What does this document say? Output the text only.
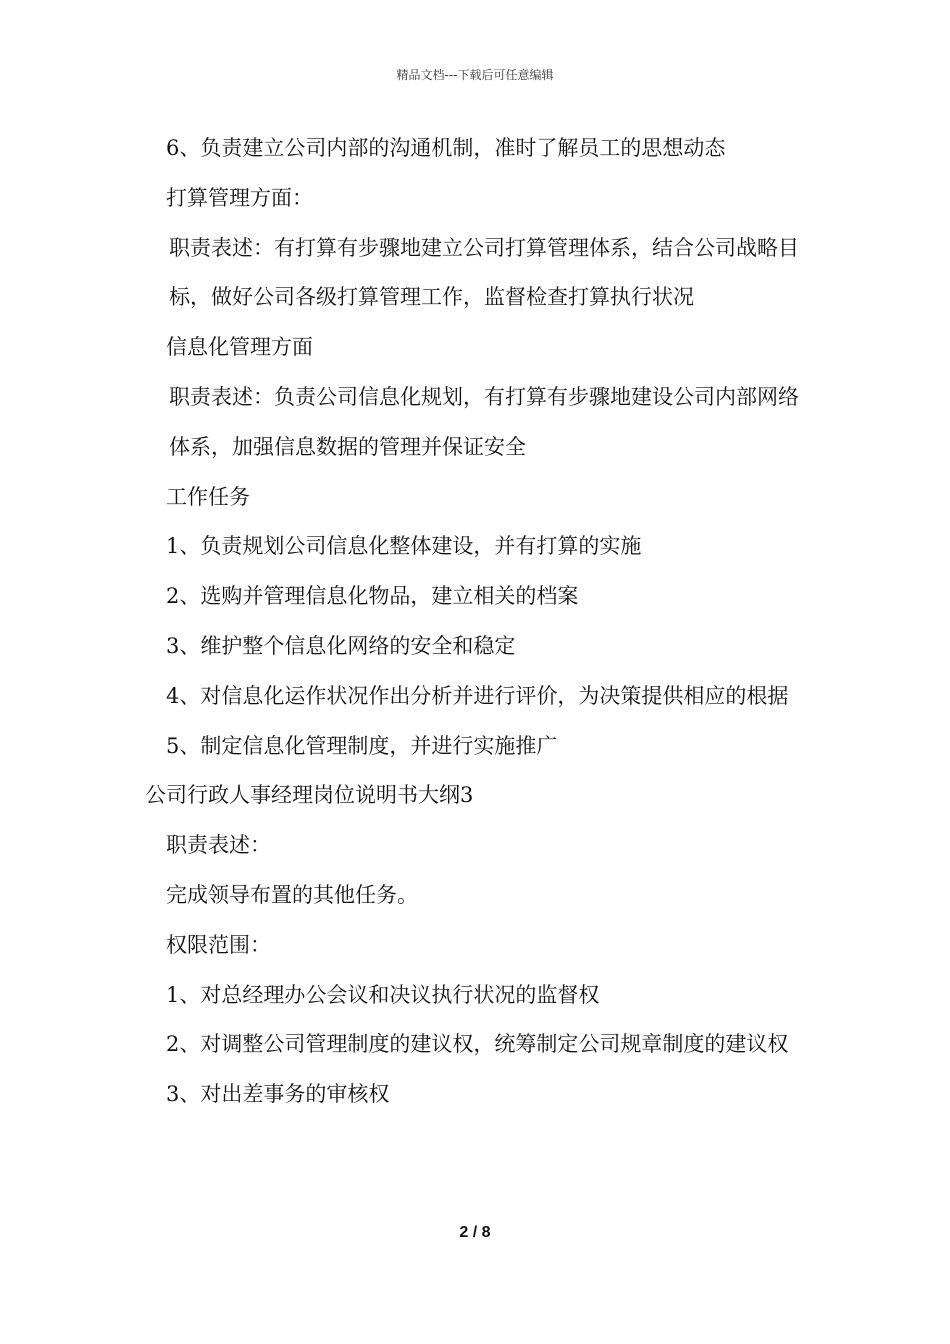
精品文档---下载后可任意编辑

6、负责建立公司内部的沟通机制，准时了解员工的思想动态

打算管理方面：

职责表述：有打算有步骤地建立公司打算管理体系，结合公司战略目标，做好公司各级打算管理工作，监督检查打算执行状况

信息化管理方面

职责表述：负责公司信息化规划，有打算有步骤地建设公司内部网络体系，加强信息数据的管理并保证安全

工作任务

1、负责规划公司信息化整体建设，并有打算的实施

2、选购并管理信息化物品，建立相关的档案

3、维护整个信息化网络的安全和稳定

4、对信息化运作状况作出分析并进行评价，为决策提供相应的根据

5、制定信息化管理制度，并进行实施推广

公司行政人事经理岗位说明书大纲3

职责表述：

完成领导布置的其他任务。

权限范围：

1、对总经理办公会议和决议执行状况的监督权

2、对调整公司管理制度的建议权，统筹制定公司规章制度的建议权

3、对出差事务的审核权

2 / 8
